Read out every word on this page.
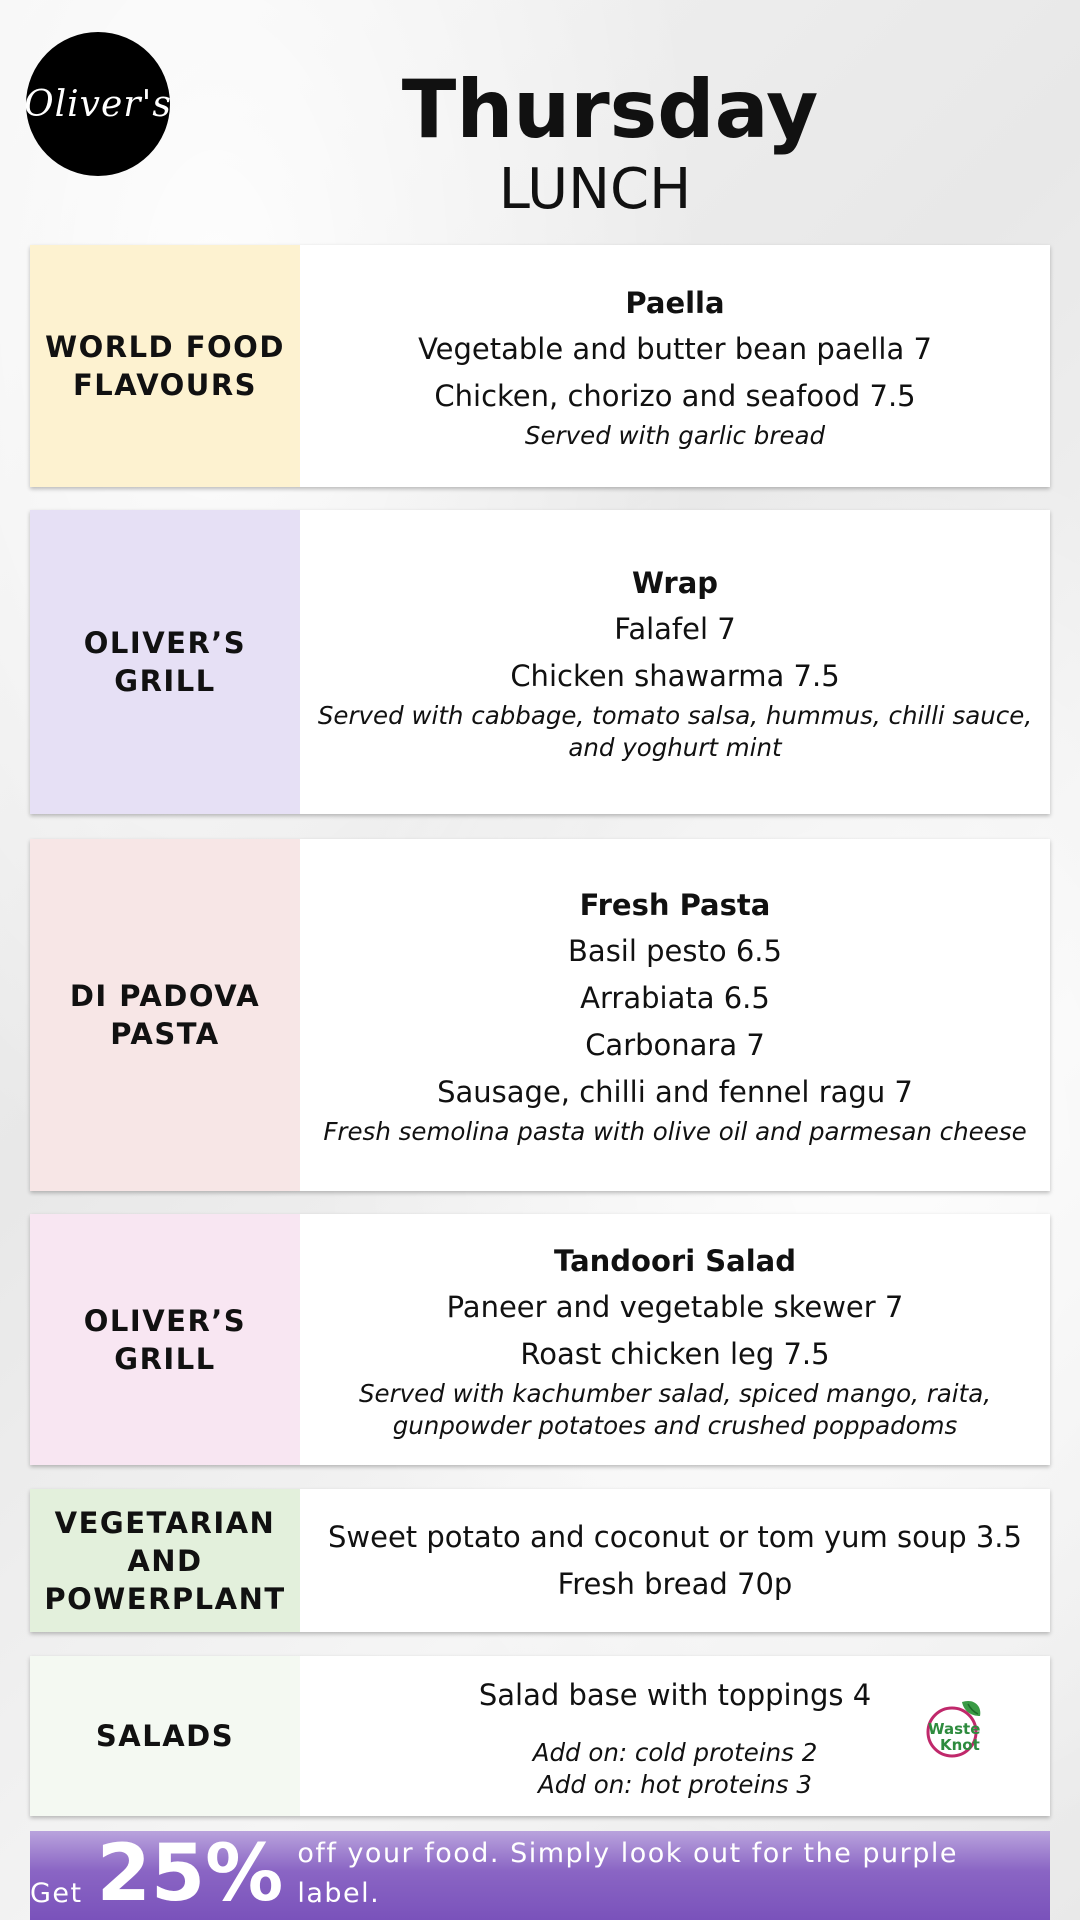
Oliver's	Thursday
LUNCH
WORLD FOOD FLAVOURS
Paella
Vegetable and butter bean paella 7
Chicken, chorizo and seafood 7.5
Served with garlic bread
OLIVER’S GRILL
Wrap
Falafel 7
Chicken shawarma 7.5
Served with cabbage, tomato salsa, hummus, chilli sauce, and yoghurt mint
DI PADOVA PASTA
Fresh Pasta
Basil pesto 6.5
Arrabiata 6.5
Carbonara 7
Sausage, chilli and fennel ragu 7
Fresh semolina pasta with olive oil and parmesan cheese
OLIVER’S GRILL
Tandoori Salad
Paneer and vegetable skewer 7
Roast chicken leg 7.5
Served with kachumber salad, spiced mango, raita, gunpowder potatoes and crushed poppadoms
VEGETARIAN AND POWERPLANT
Sweet potato and coconut or tom yum soup 3.5
Fresh bread 70p
SALADS
Salad base with toppings 4
Add on: cold proteins 2
Add on: hot proteins 3
Waste
Knot
Get 25% off your food. Simply look out for the purple label.
